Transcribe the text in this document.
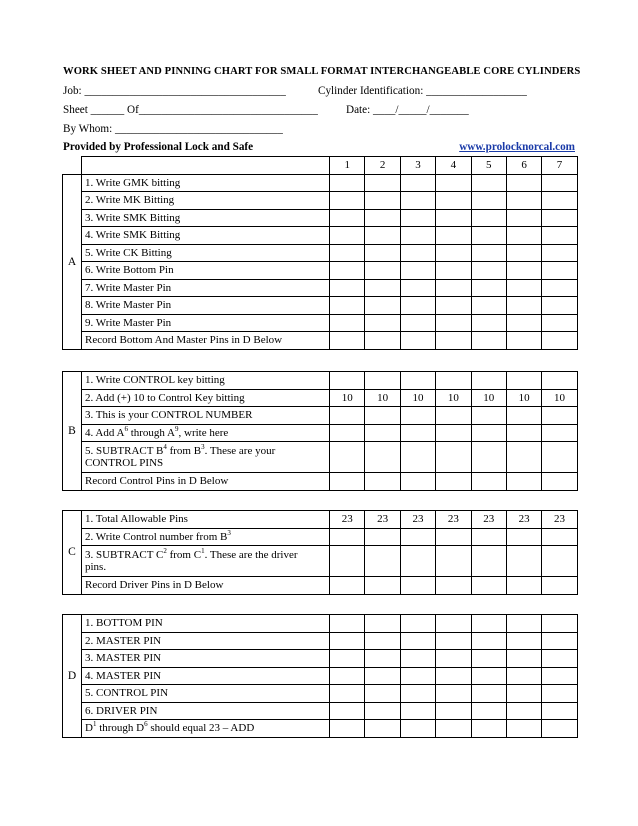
WORK SHEET AND PINNING CHART FOR SMALL FORMAT INTERCHANGEABLE CORE CYLINDERS
Job: ____________________________________	Cylinder Identification: __________________
Sheet ______ Of________________________________	Date: ____/_____/_______
By Whom: ______________________________
Provided by Professional Lock and Safe	www.prolocknorcal.com
		1	2	3	4	5	6	7
A	1. Write GMK bitting							
	2. Write MK Bitting							
	3. Write SMK Bitting							
	4. Write SMK Bitting							
	5. Write CK Bitting							
	6. Write Bottom Pin							
	7. Write Master Pin							
	8. Write Master Pin							
	9. Write Master Pin							
	Record Bottom And Master Pins in D Below							
B	1. Write CONTROL key bitting							
	2. Add (+) 10 to Control Key bitting	10	10	10	10	10	10	10
	3. This is your CONTROL NUMBER							
	4. Add $A^6$ through $A^9$, write here							
	5. SUBTRACT $B^4$ from $B^3$. These are your
CONTROL PINS							
	Record Control Pins in D Below							
C	1. Total Allowable Pins	23	23	23	23	23	23	23
	2. Write Control number from $B^3$							
	3. SUBTRACT $C^2$ from $C^1$. These are the driver
pins.							
	Record Driver Pins in D Below							
D	1. BOTTOM PIN							
	2. MASTER PIN							
	3. MASTER PIN							
	4. MASTER PIN							
	5. CONTROL PIN							
	6. DRIVER PIN							
	$D^1$ through $D^6$ should equal 23 – ADD							
